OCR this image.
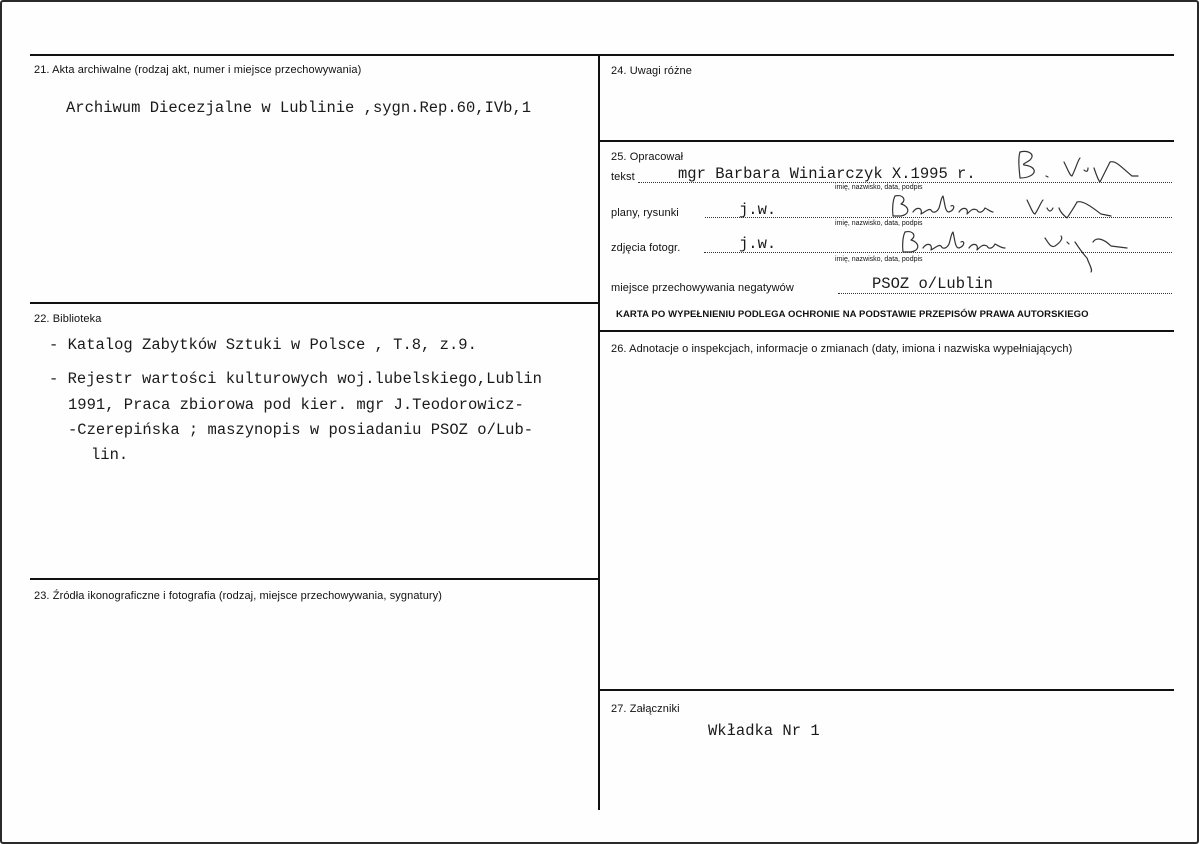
21. Akta archiwalne (rodzaj akt, numer i miejsce przechowywania)
Archiwum Diecezjalne w Lublinie ,sygn.Rep.60,IVb,1
22. Biblioteka
- Katalog Zabytków Sztuki w Polsce , T.8, z.9.
- Rejestr wartości kulturowych woj.lubelskiego,Lublin
1991, Praca zbiorowa pod kier. mgr J.Teodorowicz-
-Czerepińska ; maszynopis w posiadaniu PSOZ o/Lub-
lin.
23. Źródła ikonograficzne i fotografia (rodzaj, miejsce przechowywania, sygnatury)
24. Uwagi różne
25. Opracował
tekst	mgr Barbara Winiarczyk X.1995 r.
imię, nazwisko, data, podpis
plany, rysunki	j.w.
imię, nazwisko, data, podpis
zdjęcia fotogr.	j.w.
imię, nazwisko, data, podpis
miejsce przechowywania negatywów	PSOZ o/Lublin
KARTA PO WYPEŁNIENIU PODLEGA OCHRONIE NA PODSTAWIE PRZEPISÓW PRAWA AUTORSKIEGO
26. Adnotacje o inspekcjach, informacje o zmianach (daty, imiona i nazwiska wypełniających)
27. Załączniki
Wkładka Nr 1
